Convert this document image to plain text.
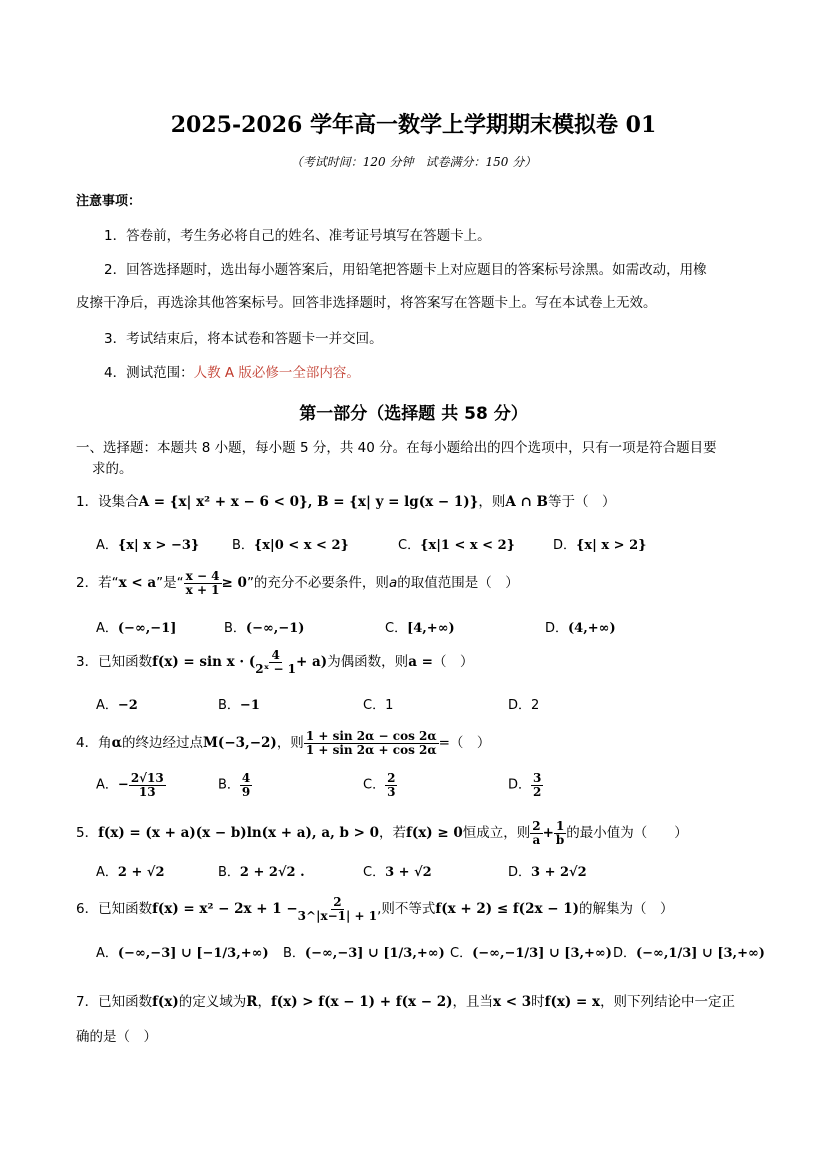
2025-2026 学年高一数学上学期期末模拟卷 01
（考试时间：120 分钟　试卷满分：150 分）
注意事项：
1．答卷前，考生务必将自己的姓名、准考证号填写在答题卡上。
2．回答选择题时，选出每小题答案后，用铅笔把答题卡上对应题目的答案标号涂黑。如需改动，用橡
皮擦干净后，再选涂其他答案标号。回答非选择题时，将答案写在答题卡上。写在本试卷上无效。
3．考试结束后，将本试卷和答题卡一并交回。
4．测试范围：人教 A 版必修一全部内容。
第一部分（选择题 共 58 分）
一、选择题：本题共 8 小题，每小题 5 分，共 40 分。在每小题给出的四个选项中，只有一项是符合题目要
求的。
1．设集合A = {x| x² + x − 6 < 0}, B = {x| y = lg(x − 1)}，则A ∩ B等于（　）
A．{x| x > −3}	B．{x|0 < x < 2}	C．{x|1 < x < 2}	D．{x| x > 2}
2．若“x < a”是“ $\frac{x - 4}{x + 1} \ge 0$”的充分不必要条件，则a的取值范围是（　）
A．(−∞,−1]	B．(−∞,−1)	C．[4,+∞)	D．(4,+∞)
3．已知函数f(x) = sin x · ( $\frac{4}{\text{2ˣ − 1}} + a$)为偶函数，则a =（　）
A．−2	B．−1	C．1	D．2
4．角α的终边经过点M(−3,−2)，则 $\frac{1 + \sin 2\alpha - \cos 2\alpha}{1 + \sin 2\alpha + \cos 2\alpha}$ =（　）
A．− $\frac{2√13}{13}$	B． $\frac{4}{9}$	C． $\frac{2}{3}$	D． $\frac{3}{2}$
5．f(x) = (x + a)(x − b)ln(x + a), a, b > 0，若f(x) ≥ 0恒成立，则 $\frac{2}{a} + \frac{1}{b}$ 的最小值为（　　）
A．2 + √2	B．2 + 2√2 .	C．3 + √2	D．3 + 2√2
6．已知函数$f(x) = x^2 - 2x + 1 - \frac{2}{3\^{}|x-1| + 1}$ ,则不等式f(x + 2) ≤ f(2x − 1)的解集为（　）
A．(−∞,−3] ∪ [−1/3,+∞) B．(−∞,−3] ∪ [1/3,+∞) C．(−∞,−1/3] ∪ [3,+∞) D．(−∞,1/3] ∪ [3,+∞)
7．已知函数f(x)的定义域为R，f(x) > f(x − 1) + f(x − 2)，且当x < 3时f(x) = x，则下列结论中一定正
确的是（　）
